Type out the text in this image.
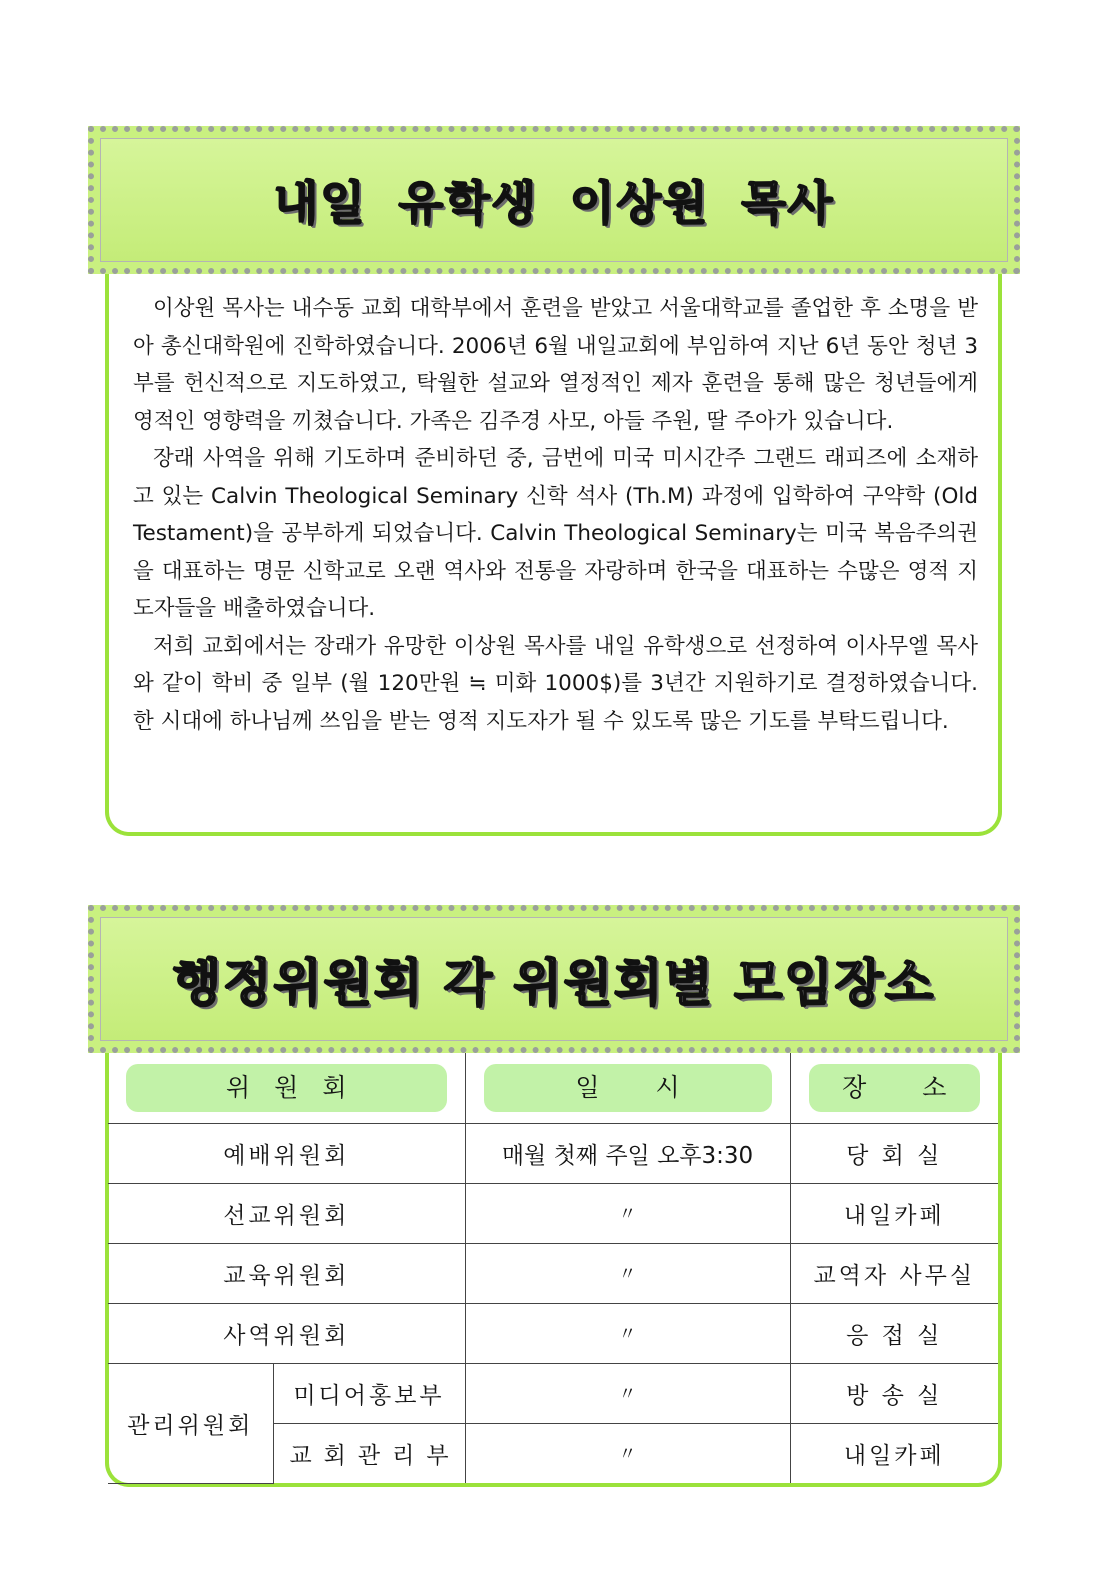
내일 유학생 이상원 목사

이상원 목사는 내수동 교회 대학부에서 훈련을 받았고 서울대학교를 졸업한 후 소명을 받아 총신대학원에 진학하였습니다. 2006년 6월 내일교회에 부임하여 지난 6년 동안 청년 3부를 헌신적으로 지도하였고, 탁월한 설교와 열정적인 제자 훈련을 통해 많은 청년들에게 영적인 영향력을 끼쳤습니다. 가족은 김주경 사모, 아들 주원, 딸 주아가 있습니다.

장래 사역을 위해 기도하며 준비하던 중, 금번에 미국 미시간주 그랜드 래피즈에 소재하고 있는 Calvin Theological Seminary 신학 석사 (Th.M) 과정에 입학하여 구약학 (Old Testament)을 공부하게 되었습니다. Calvin Theological Seminary는 미국 복음주의권을 대표하는 명문 신학교로 오랜 역사와 전통을 자랑하며 한국을 대표하는 수많은 영적 지도자들을 배출하였습니다.

저희 교회에서는 장래가 유망한 이상원 목사를 내일 유학생으로 선정하여 이사무엘 목사와 같이 학비 중 일부 (월 120만원 ≒ 미화 1000$)를 3년간 지원하기로 결정하였습니다. 한 시대에 하나님께 쓰임을 받는 영적 지도자가 될 수 있도록 많은 기도를 부탁드립니다.

행정위원회 각 위원회별 모임장소
위원회		일 시	장 소

예배위원회		매월 첫째 주일 오후3:30	당 회 실
선교위원회		〃	내일카페
교육위원회		〃	교역자 사무실
사역위원회		〃	응 접 실
관리위원회	미디어홍보부	〃	방 송 실
	교회관리부	〃	내일카페
